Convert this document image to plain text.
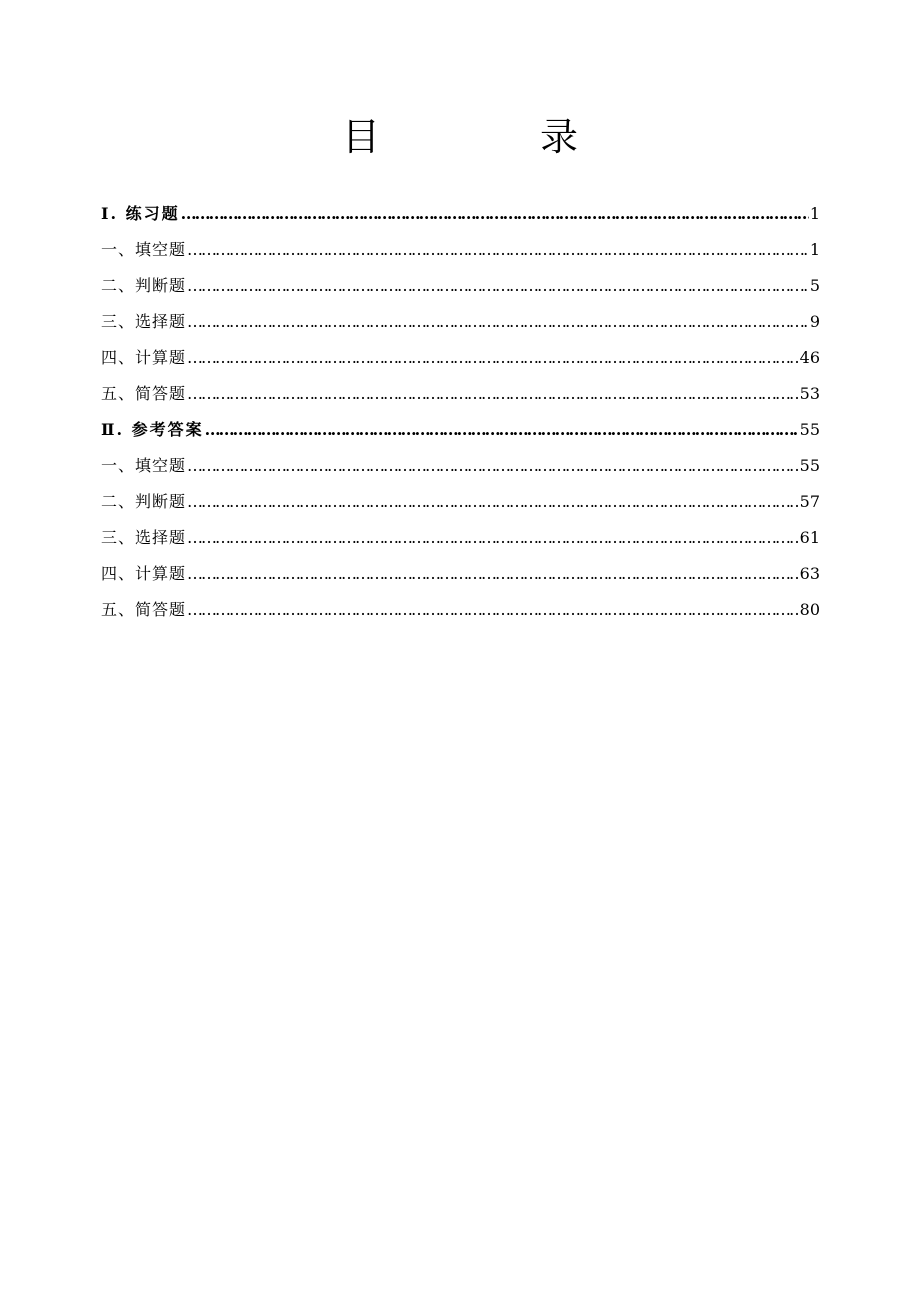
目 录
Ⅰ. 练习题 ……………………………………………………………………………………………………………………………………………………………………………………………………………………	1
一、填空题 ……………………………………………………………………………………………………………………………………………………………………………………………………………………	1
二、判断题 ……………………………………………………………………………………………………………………………………………………………………………………………………………………	5
三、选择题 ……………………………………………………………………………………………………………………………………………………………………………………………………………………	9
四、计算题 ……………………………………………………………………………………………………………………………………………………………………………………………………………………	46
五、简答题 ……………………………………………………………………………………………………………………………………………………………………………………………………………………	53
Ⅱ. 参考答案 ……………………………………………………………………………………………………………………………………………………………………………………………………………………	55
一、填空题 ……………………………………………………………………………………………………………………………………………………………………………………………………………………	55
二、判断题 ……………………………………………………………………………………………………………………………………………………………………………………………………………………	57
三、选择题 ……………………………………………………………………………………………………………………………………………………………………………………………………………………	61
四、计算题 ……………………………………………………………………………………………………………………………………………………………………………………………………………………	63
五、简答题 ……………………………………………………………………………………………………………………………………………………………………………………………………………………	80
